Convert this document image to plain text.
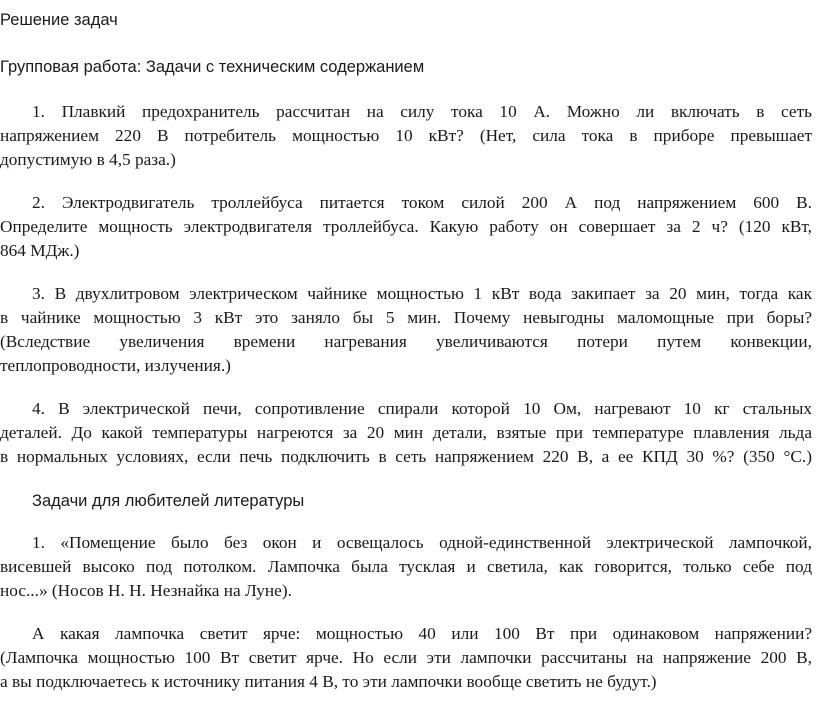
Решение задач
Групповая работа: Задачи с техническим содержанием
1. Плавкий предохранитель рассчитан на силу тока 10 А. Можно ли включать в сеть
напряжением 220 В потребитель мощностью 10 кВт? (Нет, сила тока в приборе превышает
допустимую в 4,5 раза.)
2. Электродвигатель троллейбуса питается током силой 200 А под напряжением 600 В.
Определите мощность электродвигателя троллейбуса. Какую работу он совершает за 2 ч? (120 кВт,
864 МДж.)
3. В двухлитровом электрическом чайнике мощностью 1 кВт вода закипает за 20 мин, тогда как
в чайнике мощностью 3 кВт это заняло бы 5 мин. Почему невыгодны маломощные при боры?
(Вследствие увеличения времени нагревания увеличиваются потери путем конвекции,
теплопроводности, излучения.)
4. В электрической печи, сопротивление спирали которой 10 Ом, нагревают 10 кг стальных
деталей. До какой температуры нагреются за 20 мин детали, взятые при температуре плавления льда
в нормальных условиях, если печь подключить в сеть напряжением 220 В, а ее КПД 30 %? (350 °С.)
Задачи для любителей литературы
1. «Помещение было без окон и освещалось одной-единственной электрической лампочкой,
висевшей высоко под потолком. Лампочка была тусклая и светила, как говорится, только себе под
нос...» (Носов Н. Н. Незнайка на Луне).
А какая лампочка светит ярче: мощностью 40 или 100 Вт при одинаковом напряжении?
(Лампочка мощностью 100 Вт светит ярче. Но если эти лампочки рассчитаны на напряжение 200 В,
а вы подключаетесь к источнику питания 4 В, то эти лампочки вообще светить не будут.)
